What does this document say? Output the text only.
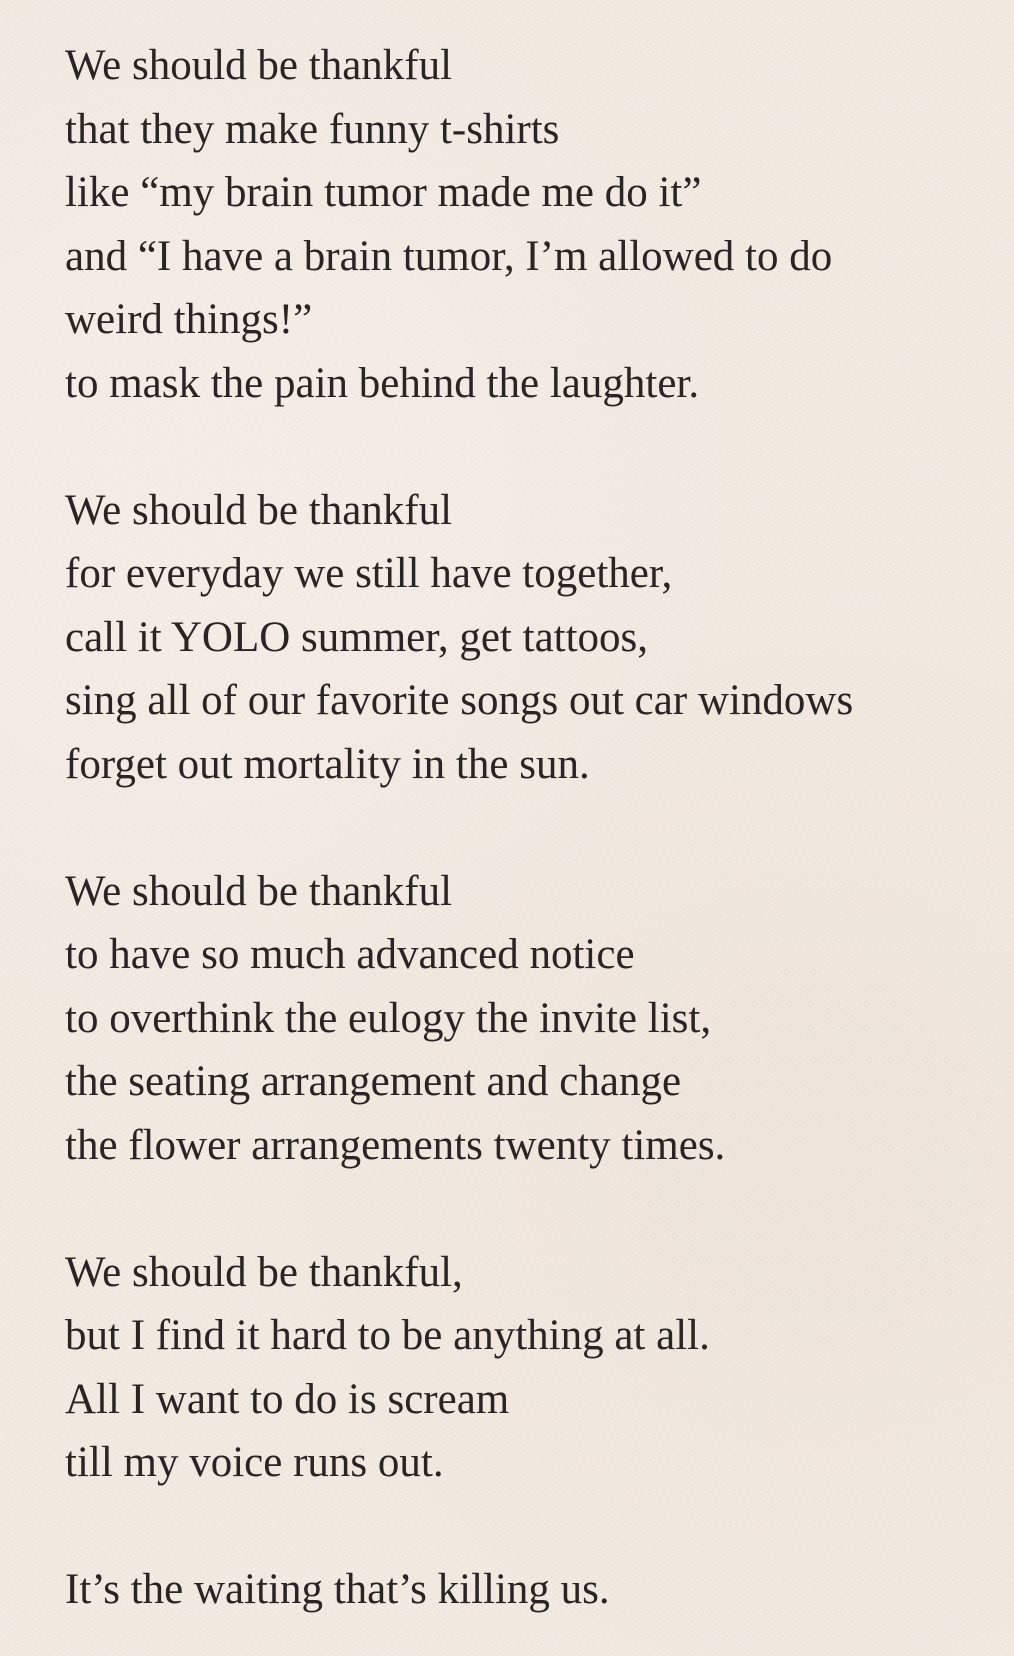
We should be thankful
that they make funny t-shirts
like “my brain tumor made me do it”
and “I have a brain tumor, I’m allowed to do
weird things!”
to mask the pain behind the laughter.
We should be thankful
for everyday we still have together,
call it YOLO summer, get tattoos,
sing all of our favorite songs out car windows
forget out mortality in the sun.
We should be thankful
to have so much advanced notice
to overthink the eulogy the invite list,
the seating arrangement and change
the flower arrangements twenty times.
We should be thankful,
but I find it hard to be anything at all.
All I want to do is scream
till my voice runs out.
It’s the waiting that’s killing us.
